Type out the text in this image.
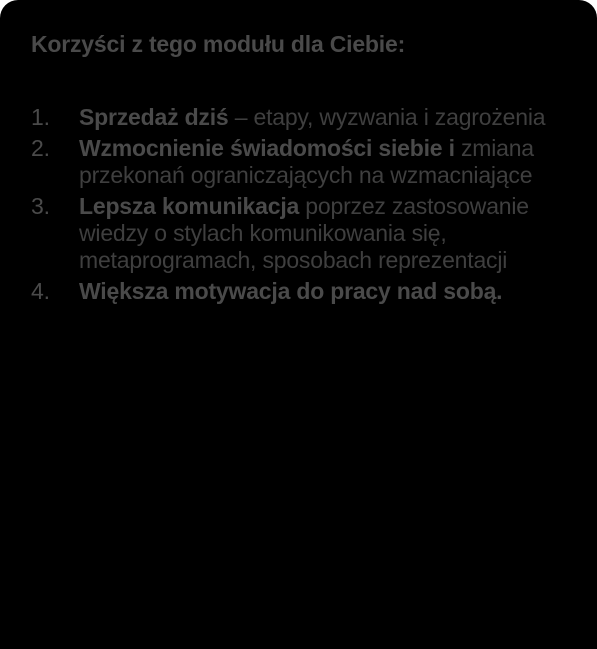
Korzyści z tego modułu dla Ciebie:
1.	Sprzedaż dziś – etapy, wyzwania i zagrożenia
2.	Wzmocnienie świadomości siebie i zmiana przekonań ograniczających na wzmacniające
3.	Lepsza komunikacja poprzez zastosowanie wiedzy o stylach komunikowania się, metaprogramach, sposobach reprezentacji
4.	Większa motywacja do pracy nad sobą.
